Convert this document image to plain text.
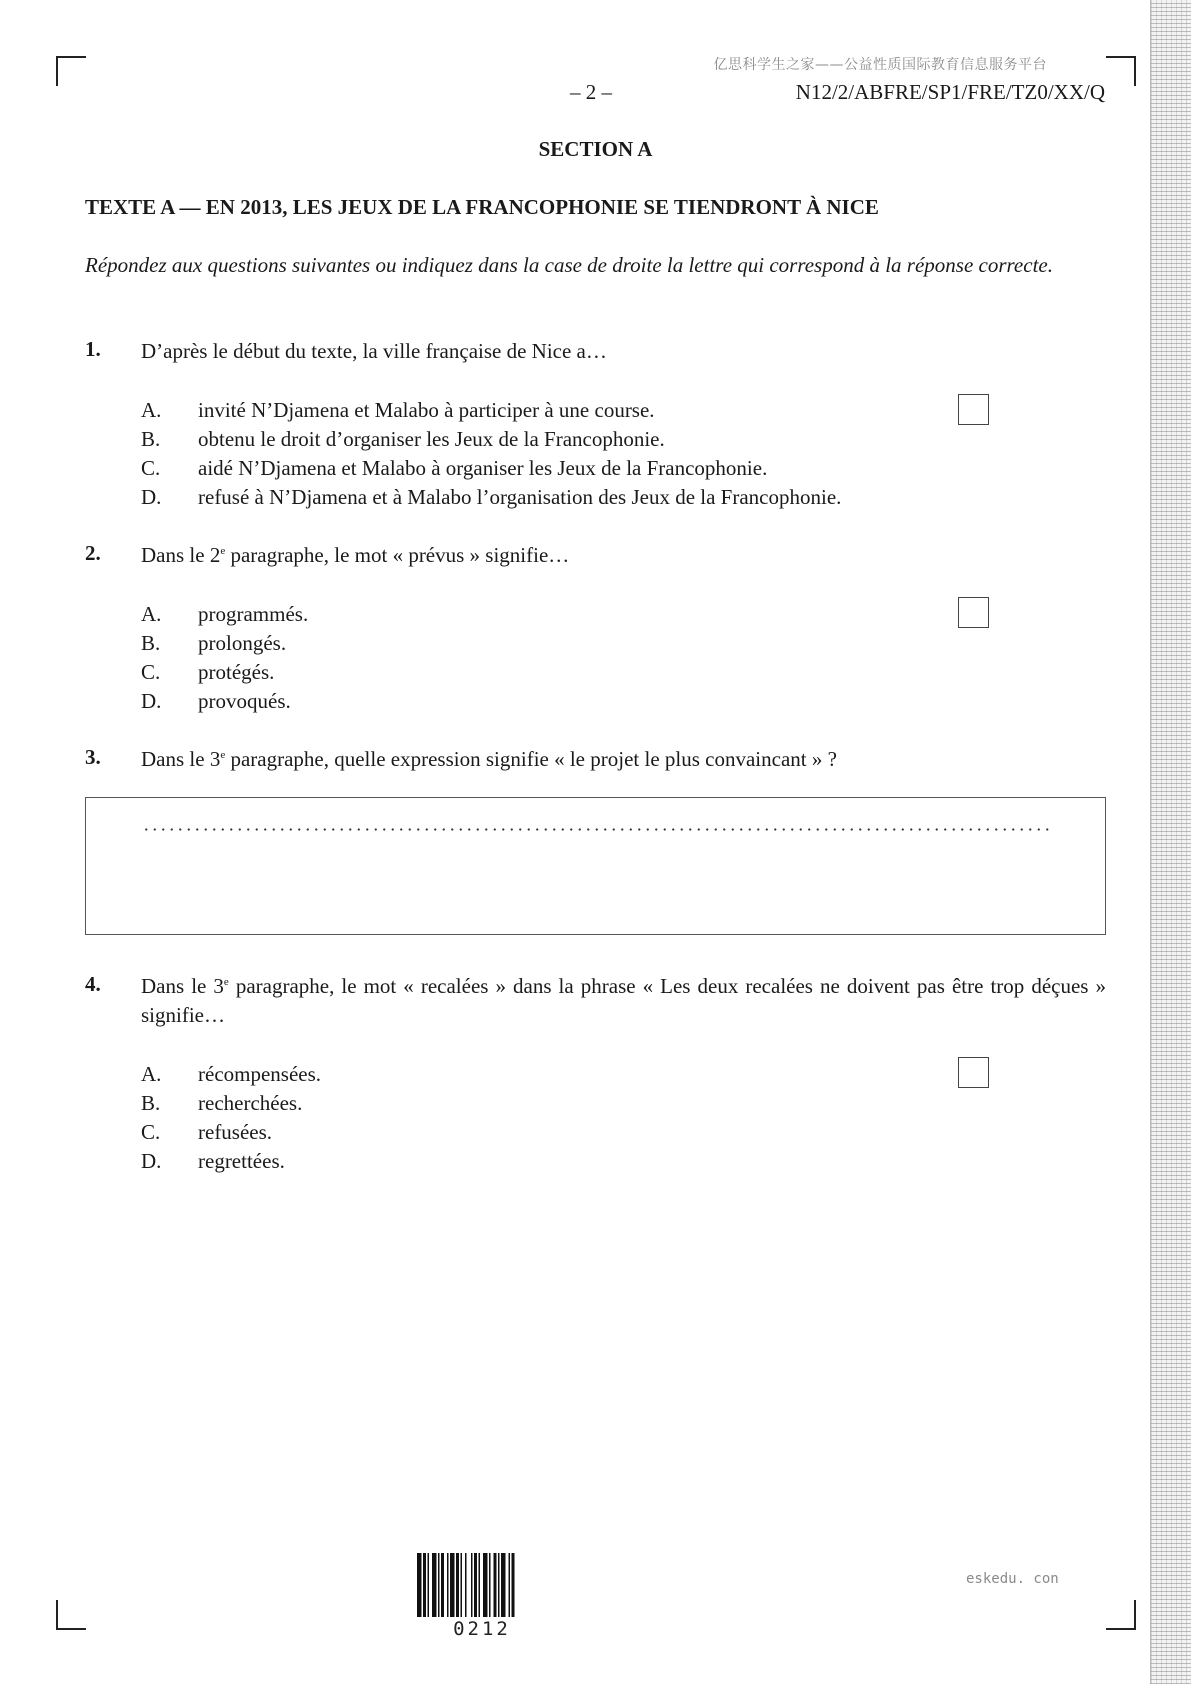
亿思科学生之家——公益性质国际教育信息服务平台
– 2 –	N12/2/ABFRE/SP1/FRE/TZ0/XX/Q
SECTION A
TEXTE A — EN 2013, LES JEUX DE LA FRANCOPHONIE SE TIENDRONT À NICE
Répondez aux questions suivantes ou indiquez dans la case de droite la lettre qui correspond à la réponse correcte.
1. D’après le début du texte, la ville française de Nice a…
A. invité N’Djamena et Malabo à participer à une course.
B. obtenu le droit d’organiser les Jeux de la Francophonie.
C. aidé N’Djamena et Malabo à organiser les Jeux de la Francophonie.
D. refusé à N’Djamena et à Malabo l’organisation des Jeux de la Francophonie.
2. Dans le 2e paragraphe, le mot « prévus » signifie…
A. programmés.
B. prolongés.
C. protégés.
D. provoqués.
3. Dans le 3e paragraphe, quelle expression signifie « le projet le plus convaincant » ?
4. Dans le 3e paragraphe, le mot « recalées » dans la phrase « Les deux recalées ne doivent pas être trop déçues » signifie…
A. récompensées.
B. recherchées.
C. refusées.
D. regrettées.
0212
eskedu. con
